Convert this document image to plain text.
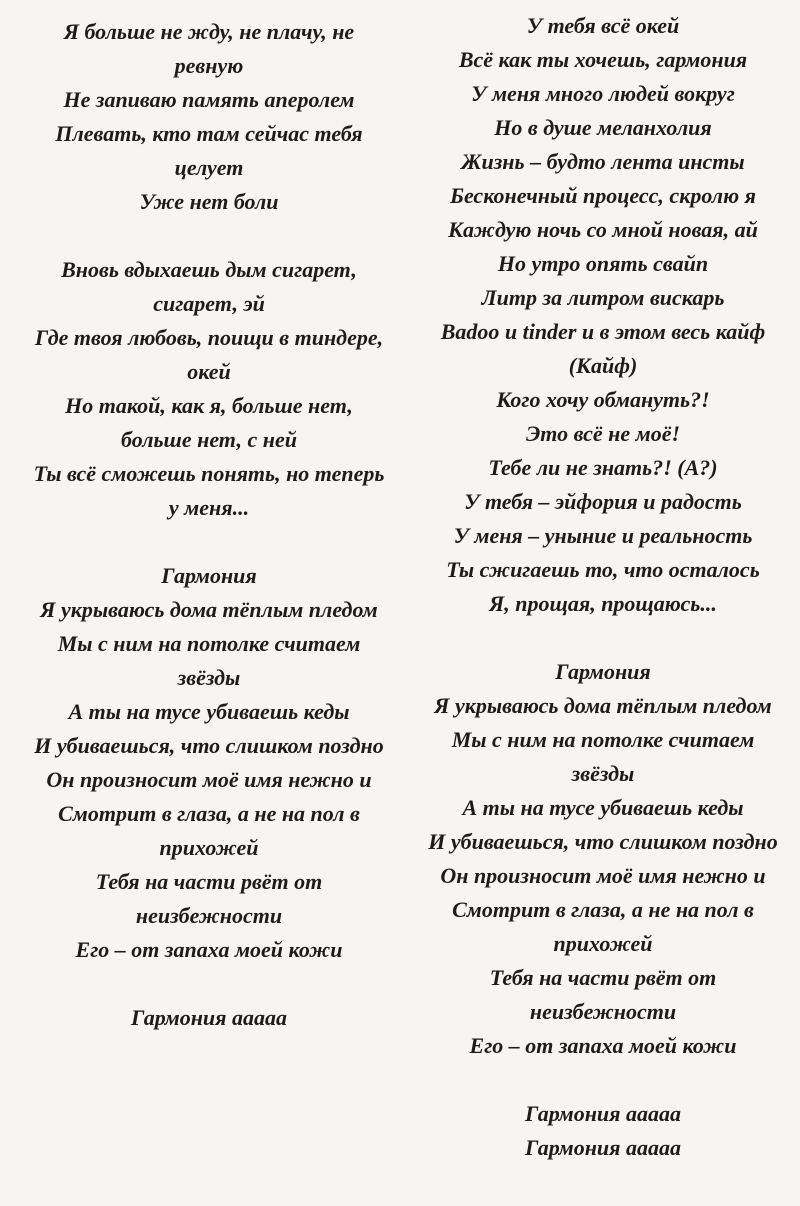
Я больше не жду, не плачу, не

ревную

Не запиваю память аперолем

Плевать, кто там сейчас тебя

целует

Уже нет боли

Вновь вдыхаешь дым сигарет,

сигарет, эй

Где твоя любовь, поищи в тиндере,

окей

Но такой, как я, больше нет,

больше нет, с ней

Ты всё сможешь понять, но теперь

у меня...

Гармония

Я укрываюсь дома тёплым пледом

Мы с ним на потолке считаем

звёзды

А ты на тусе убиваешь кеды

И убиваешься, что слишком поздно

Он произносит моё имя нежно и

Смотрит в глаза, а не на пол в

прихожей

Тебя на части рвёт от

неизбежности

Его – от запаха моей кожи

Гармония ааааа

У тебя всё окей

Всё как ты хочешь, гармония

У меня много людей вокруг

Но в душе меланхолия

Жизнь – будто лента инсты

Бесконечный процесс, скролю я

Каждую ночь со мной новая, ай

Но утро опять свайп

Литр за литром вискарь

Badoo и tinder и в этом весь кайф

(Кайф)

Кого хочу обмануть?!

Это всё не моё!

Тебе ли не знать?! (А?)

У тебя – эйфория и радость

У меня – уныние и реальность

Ты сжигаешь то, что осталось

Я, прощая, прощаюсь...

Гармония

Я укрываюсь дома тёплым пледом

Мы с ним на потолке считаем

звёзды

А ты на тусе убиваешь кеды

И убиваешься, что слишком поздно

Он произносит моё имя нежно и

Смотрит в глаза, а не на пол в

прихожей

Тебя на части рвёт от

неизбежности

Его – от запаха моей кожи

Гармония ааааа

Гармония ааааа
